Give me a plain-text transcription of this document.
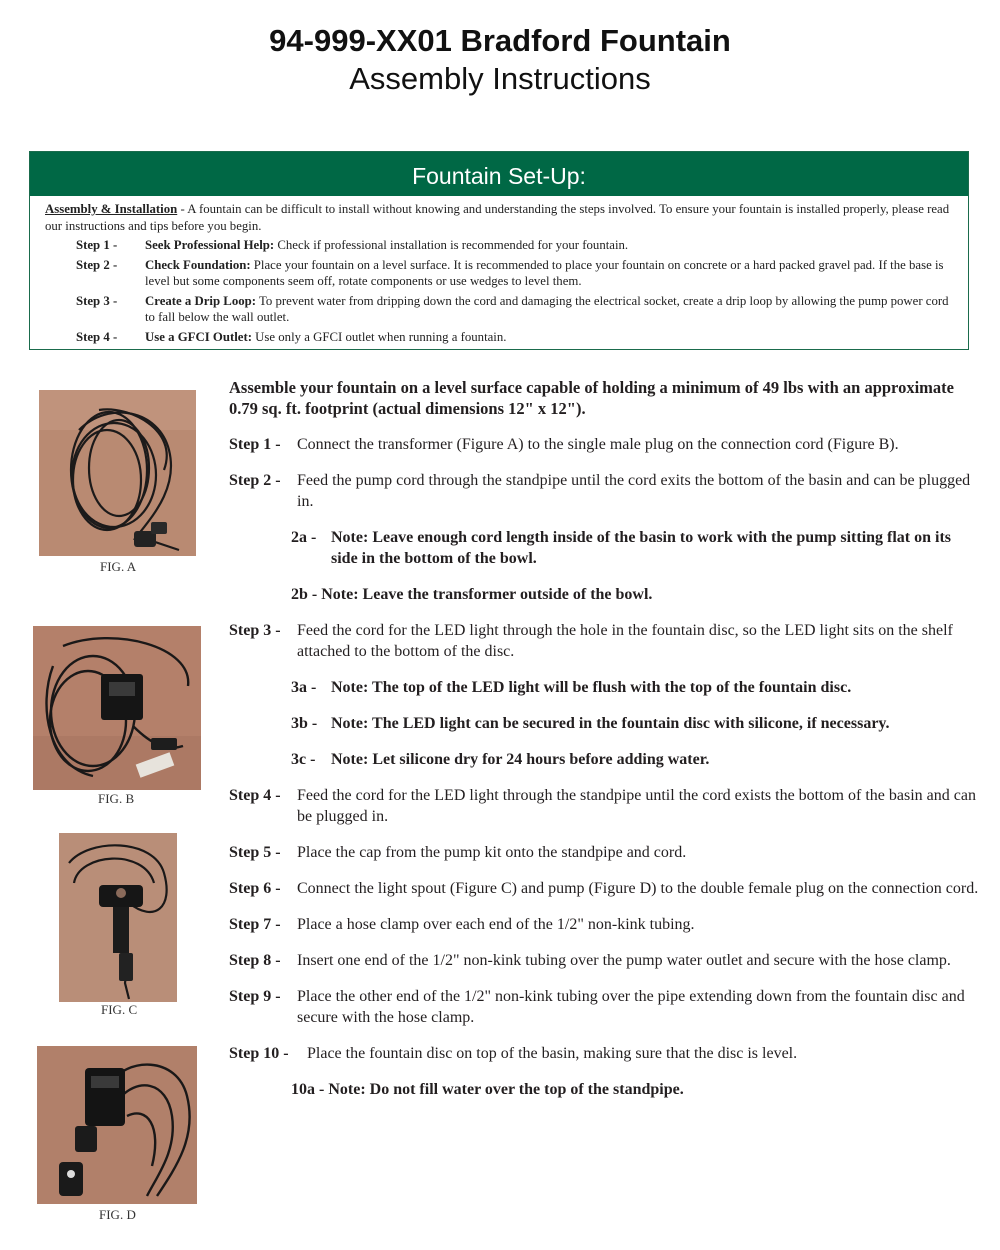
94-999-XX01 Bradford Fountain
Assembly Instructions
Fountain Set-Up:

Assembly & Installation - A fountain can be difficult to install without knowing and understanding the steps involved. To ensure your fountain is installed properly, please read our instructions and tips before you begin.

Step 1 - Seek Professional Help: Check if professional installation is recommended for your fountain.
Step 2 - Check Foundation: Place your fountain on a level surface. It is recommended to place your fountain on concrete or a hard packed gravel pad. If the base is level but some components seem off, rotate components or use wedges to level them.
Step 3 - Create a Drip Loop: To prevent water from dripping down the cord and damaging the electrical socket, create a drip loop by allowing the pump power cord to fall below the wall outlet.
Step 4 - Use a GFCI Outlet: Use only a GFCI outlet when running a fountain.
FIG. A
FIG. B
FIG. C
FIG. D

Assemble your fountain on a level surface capable of holding a minimum of 49 lbs with an approximate 0.79 sq. ft. footprint (actual dimensions 12" x 12").

Step 1 - Connect the transformer (Figure A) to the single male plug on the connection cord (Figure B).
Step 2 - Feed the pump cord through the standpipe until the cord exits the bottom of the basin and can be plugged in.
2a - Note: Leave enough cord length inside of the basin to work with the pump sitting flat on its side in the bottom of the bowl.
2b - Note: Leave the transformer outside of the bowl.
Step 3 - Feed the cord for the LED light through the hole in the fountain disc, so the LED light sits on the shelf attached to the bottom of the disc.
3a - Note: The top of the LED light will be flush with the top of the fountain disc.
3b - Note: The LED light can be secured in the fountain disc with silicone, if necessary.
3c - Note: Let silicone dry for 24 hours before adding water.
Step 4 - Feed the cord for the LED light through the standpipe until the cord exists the bottom of the basin and can be plugged in.
Step 5 - Place the cap from the pump kit onto the standpipe and cord.
Step 6 - Connect the light spout (Figure C) and pump (Figure D) to the double female plug on the connection cord.
Step 7 - Place a hose clamp over each end of the 1/2" non-kink tubing.
Step 8 - Insert one end of the 1/2" non-kink tubing over the pump water outlet and secure with the hose clamp.
Step 9 - Place the other end of the 1/2" non-kink tubing over the pipe extending down from the fountain disc and secure with the hose clamp.
Step 10 - Place the fountain disc on top of the basin, making sure that the disc is level.
10a - Note: Do not fill water over the top of the standpipe.
